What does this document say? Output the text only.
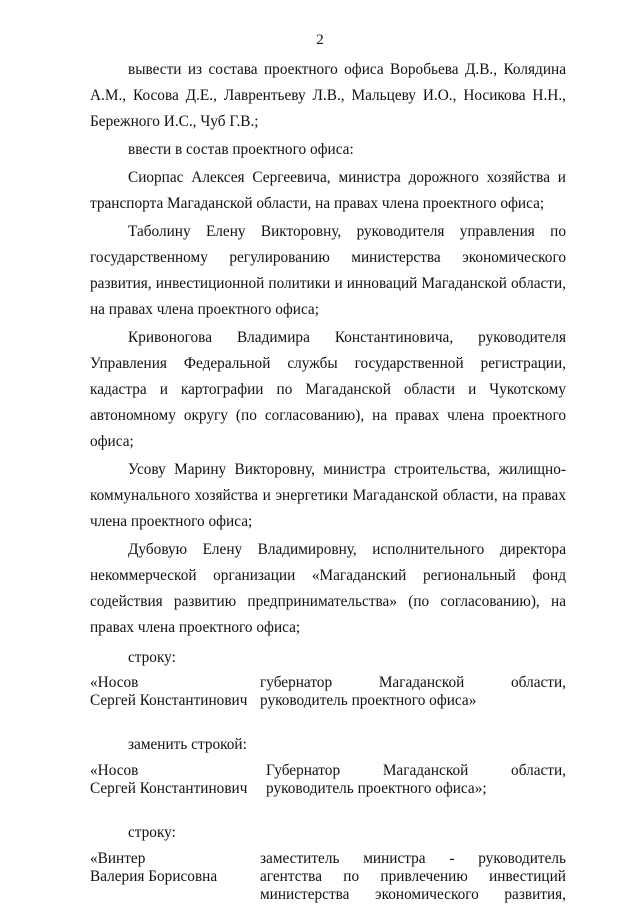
2

вывести из состава проектного офиса Воробьева Д.В., Колядина А.М., Косова Д.Е., Лаврентьеву Л.В., Мальцеву И.О., Носикова Н.Н., Бережного И.С., Чуб Г.В.;

ввести в состав проектного офиса:

Сиорпас Алексея Сергеевича, министра дорожного хозяйства и транспорта Магаданской области, на правах члена проектного офиса;

Таболину Елену Викторовну, руководителя управления по государственному регулированию министерства экономического развития, инвестиционной политики и инноваций Магаданской области, на правах члена проектного офиса;

Кривоногова Владимира Константиновича, руководителя Управления Федеральной службы государственной регистрации, кадастра и картографии по Магаданской области и Чукотскому автономному округу (по согласованию), на правах члена проектного офиса;

Усову Марину Викторовну, министра строительства, жилищно-коммунального хозяйства и энергетики Магаданской области, на правах члена проектного офиса;

Дубовую Елену Владимировну, исполнительного директора некоммерческой организации «Магаданский региональный фонд содействия развитию предпринимательства» (по согласованию), на правах члена проектного офиса;

строку:

«Носов
Сергей Константинович
губернатор Магаданской области,
руководитель проектного офиса»

заменить строкой:

«Носов
Сергей Константинович
Губернатор Магаданской области,
руководитель проектного офиса»;

строку:

«Винтер
Валерия Борисовна
заместитель министра - руководитель
агентства по привлечению инвестиций
министерства экономического развития,
